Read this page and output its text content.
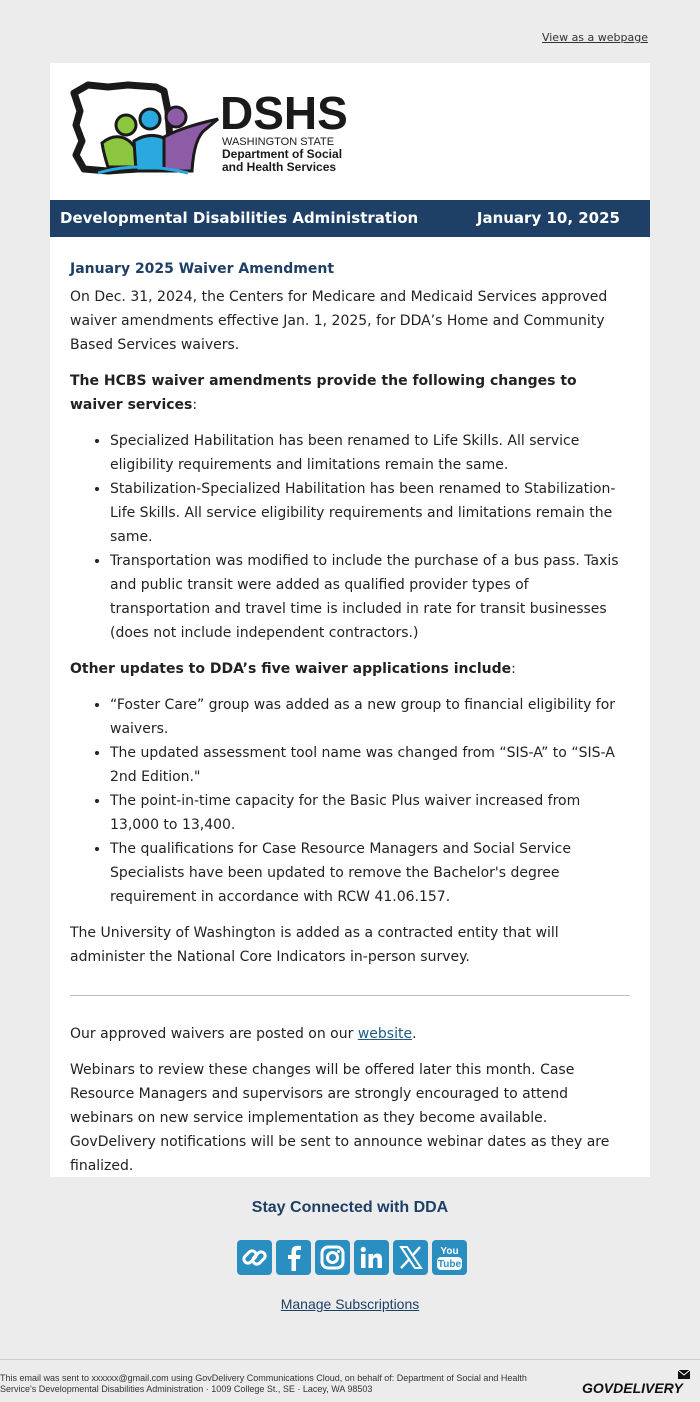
View as a webpage
DSHS
WASHINGTON STATE
Department of Social
and Health Services
Developmental Disabilities Administration	January 10, 2025
January 2025 Waiver Amendment

On Dec. 31, 2024, the Centers for Medicare and Medicaid Services approved waiver amendments effective Jan. 1, 2025, for DDA’s Home and Community Based Services waivers.

The HCBS waiver amendments provide the following changes to waiver services:

• Specialized Habilitation has been renamed to Life Skills. All service eligibility requirements and limitations remain the same.
• Stabilization-Specialized Habilitation has been renamed to Stabilization-Life Skills. All service eligibility requirements and limitations remain the same.
• Transportation was modified to include the purchase of a bus pass. Taxis and public transit were added as qualified provider types of transportation and travel time is included in rate for transit businesses (does not include independent contractors.)

Other updates to DDA’s five waiver applications include:

• “Foster Care” group was added as a new group to financial eligibility for waivers.
• The updated assessment tool name was changed from “SIS-A” to “SIS-A 2nd Edition."
• The point-in-time capacity for the Basic Plus waiver increased from 13,000 to 13,400.
• The qualifications for Case Resource Managers and Social Service Specialists have been updated to remove the Bachelor's degree requirement in accordance with RCW 41.06.157.

The University of Washington is added as a contracted entity that will administer the National Core Indicators in-person survey.

Our approved waivers are posted on our website.

Webinars to review these changes will be offered later this month. Case Resource Managers and supervisors are strongly encouraged to attend webinars on new service implementation as they become available. GovDelivery notifications will be sent to announce webinar dates as they are finalized.

Stay Connected with DDA
You
Tube
Manage Subscriptions
This email was sent to xxxxxx@gmail.com using GovDelivery Communications Cloud, on behalf of: Department of Social and Health Service's Developmental Disabilities Administration · 1009 College St., SE · Lacey, WA 98503	GOVDELIVERY
